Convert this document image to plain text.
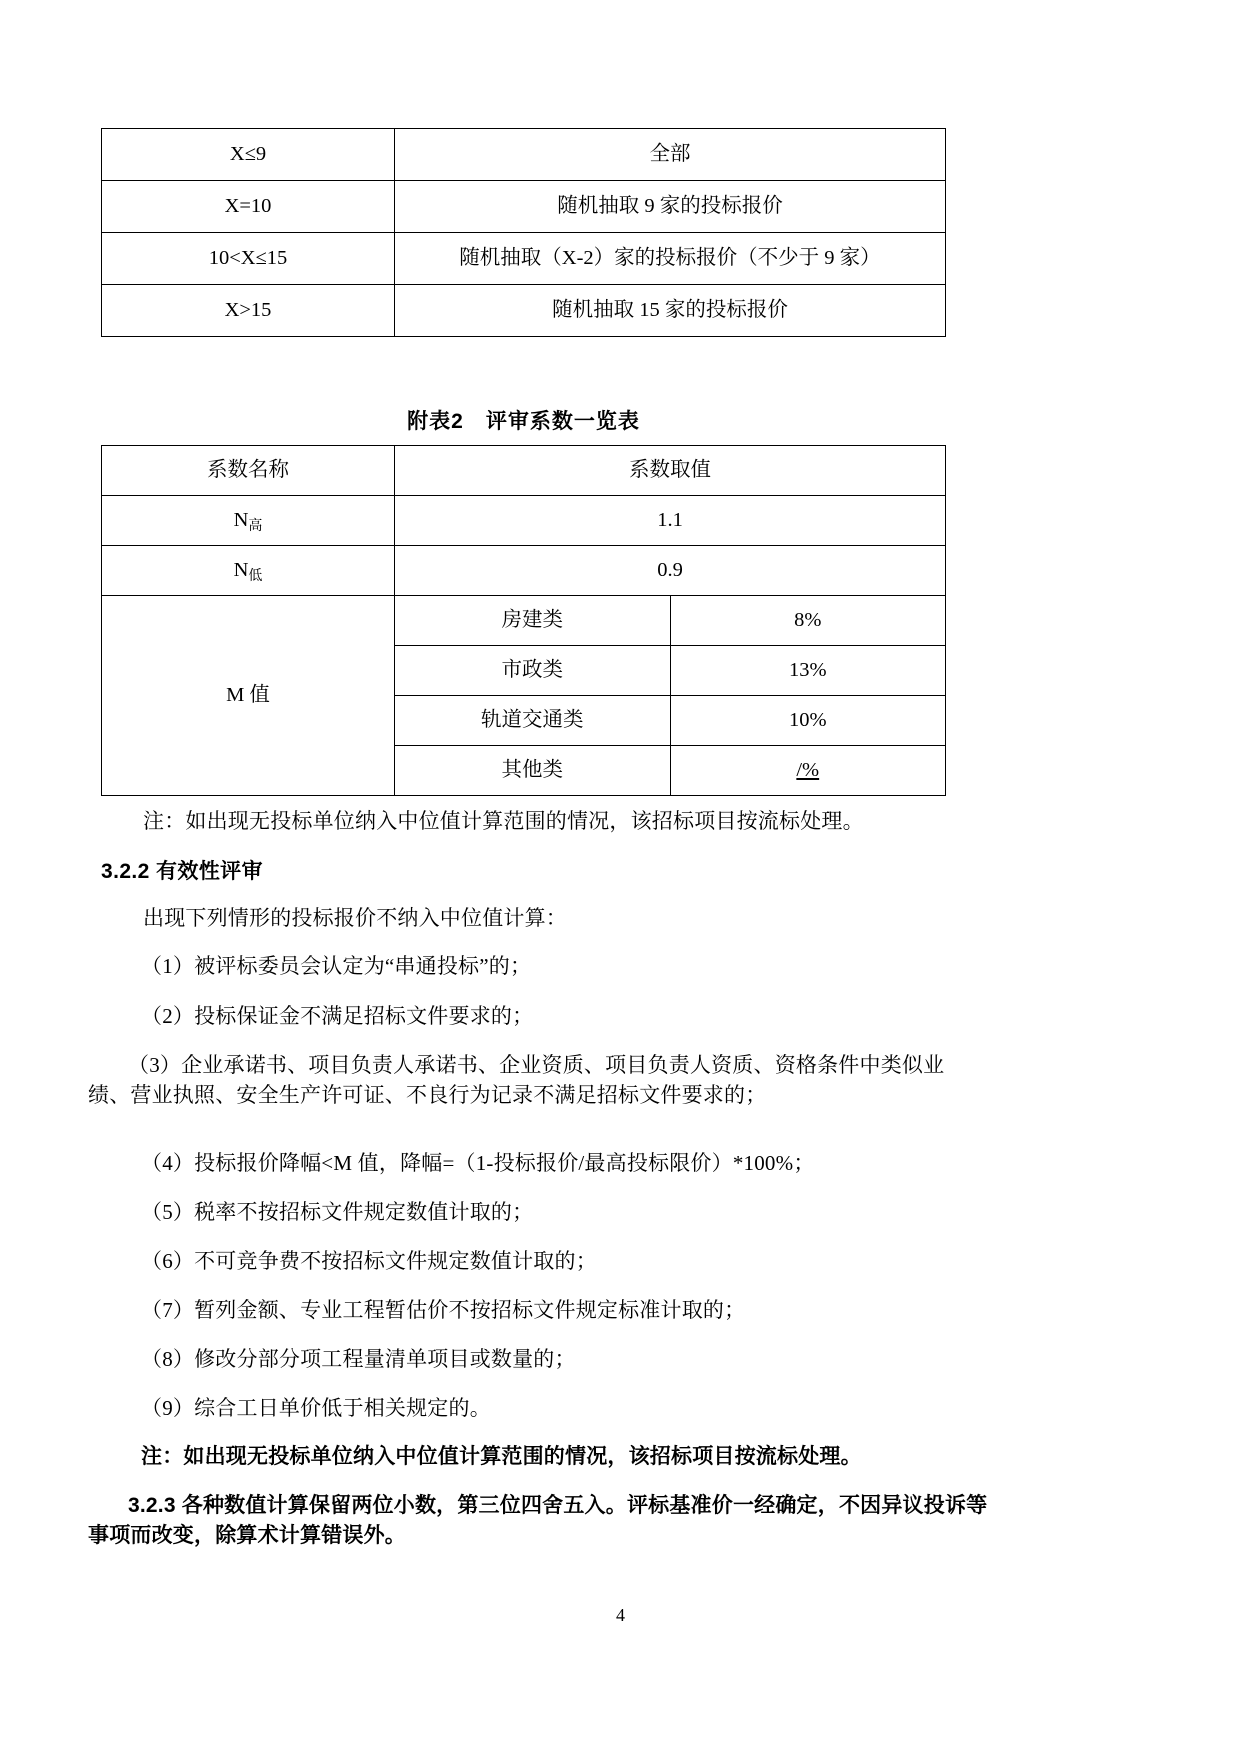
X≤9	全部
X=10	随机抽取 9 家的投标报价
10<X≤15	随机抽取（X-2）家的投标报价（不少于 9 家）
X>15	随机抽取 15 家的投标报价
附表2　评审系数一览表
系数名称	系数取值	
N高	1.1	
N低	0.9	
M 值	房建类	8%
	市政类	13%
	轨道交通类	10%
	其他类	/%
注：如出现无投标单位纳入中位值计算范围的情况，该招标项目按流标处理。
3.2.2 有效性评审
出现下列情形的投标报价不纳入中位值计算：
（1）被评标委员会认定为“串通投标”的；
（2）投标保证金不满足招标文件要求的；
（3）企业承诺书、项目负责人承诺书、企业资质、项目负责人资质、资格条件中类似业绩、营业执照、安全生产许可证、不良行为记录不满足招标文件要求的；
（4）投标报价降幅<M 值，降幅=（1-投标报价/最高投标限价）*100%；
（5）税率不按招标文件规定数值计取的；
（6）不可竞争费不按招标文件规定数值计取的；
（7）暂列金额、专业工程暂估价不按招标文件规定标准计取的；
（8）修改分部分项工程量清单项目或数量的；
（9）综合工日单价低于相关规定的。
注：如出现无投标单位纳入中位值计算范围的情况，该招标项目按流标处理。
3.2.3 各种数值计算保留两位小数，第三位四舍五入。评标基准价一经确定，不因异议投诉等事项而改变，除算术计算错误外。
4
